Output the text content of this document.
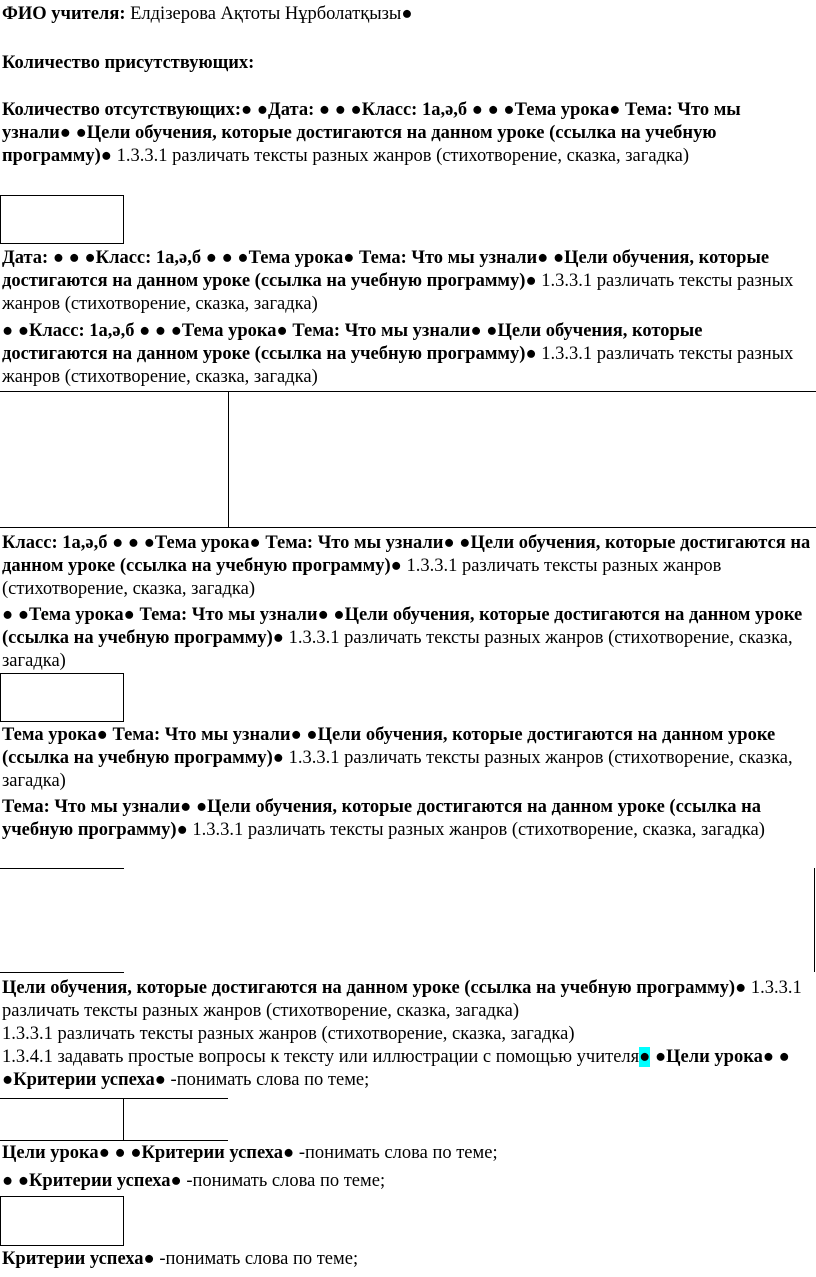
ФИО учителя: Елдізерова Ақтоты Нұрболатқызы●

Количество присутствующих:

Количество отсутствующих:● ●Дата: ● ● ●Класс: 1а,ә,б ● ● ●Тема урока● Тема: Что мы узнали● ●Цели обучения, которые достигаются на данном уроке (ссылка на учебную программу)● 1.3.3.1 различать тексты разных жанров (стихотворение, сказка, загадка)

Дата: ● ● ●Класс: 1а,ә,б ● ● ●Тема урока● Тема: Что мы узнали● ●Цели обучения, которые достигаются на данном уроке (ссылка на учебную программу)● 1.3.3.1 различать тексты разных жанров (стихотворение, сказка, загадка)

● ●Класс: 1а,ә,б ● ● ●Тема урока● Тема: Что мы узнали● ●Цели обучения, которые достигаются на данном уроке (ссылка на учебную программу)● 1.3.3.1 различать тексты разных жанров (стихотворение, сказка, загадка)

Класс: 1а,ә,б ● ● ●Тема урока● Тема: Что мы узнали● ●Цели обучения, которые достигаются на данном уроке (ссылка на учебную программу)● 1.3.3.1 различать тексты разных жанров (стихотворение, сказка, загадка)

● ●Тема урока● Тема: Что мы узнали● ●Цели обучения, которые достигаются на данном уроке (ссылка на учебную программу)● 1.3.3.1 различать тексты разных жанров (стихотворение, сказка, загадка)

Тема урока● Тема: Что мы узнали● ●Цели обучения, которые достигаются на данном уроке (ссылка на учебную программу)● 1.3.3.1 различать тексты разных жанров (стихотворение, сказка, загадка)

Тема: Что мы узнали● ●Цели обучения, которые достигаются на данном уроке (ссылка на учебную программу)● 1.3.3.1 различать тексты разных жанров (стихотворение, сказка, загадка)

Цели обучения, которые достигаются на данном уроке (ссылка на учебную программу)● 1.3.3.1 различать тексты разных жанров (стихотворение, сказка, загадка)
1.3.3.1 различать тексты разных жанров (стихотворение, сказка, загадка)
1.3.4.1 задавать простые вопросы к тексту или иллюстрации с помощью учителя● ●Цели урока● ● ●Критерии успеха● -понимать слова по теме;

Цели урока● ● ●Критерии успеха● -понимать слова по теме;

● ●Критерии успеха● -понимать слова по теме;

Критерии успеха● -понимать слова по теме;
